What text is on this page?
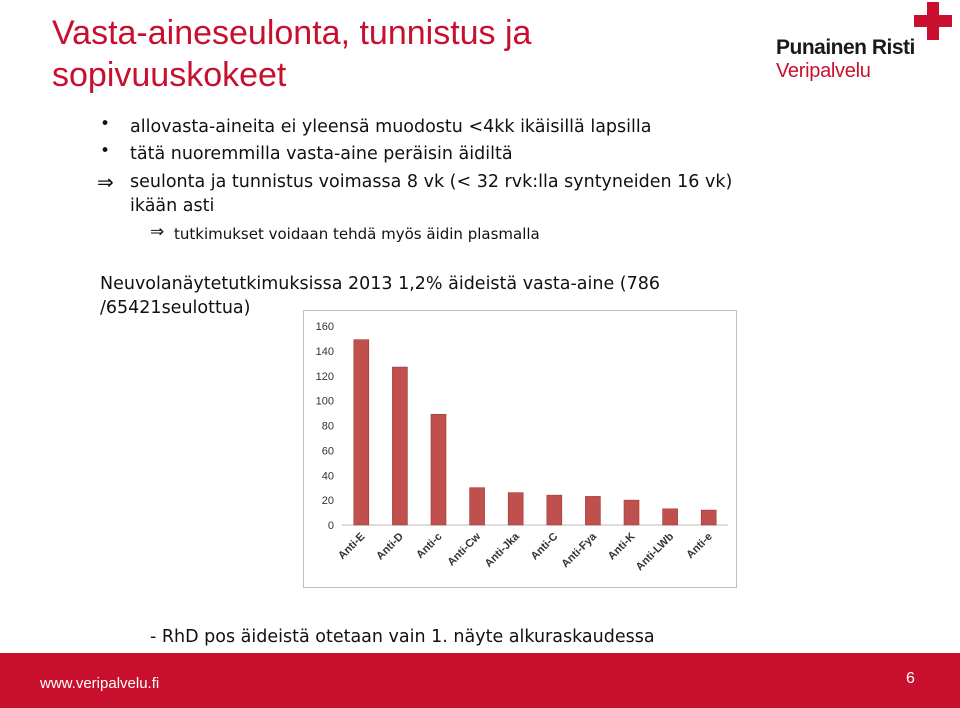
Vasta-aineseulonta, tunnistus ja
sopivuuskokeet
Punainen Risti
Veripalvelu
• allovasta-aineita ei yleensä muodostu <4kk ikäisillä lapsilla
• tätä nuoremmilla vasta-aine peräisin äidiltä
⇒ seulonta ja tunnistus voimassa 8 vk (< 32 rvk:lla syntyneiden 16 vk)
ikään asti
⇒ tutkimukset voidaan tehdä myös äidin plasmalla
Neuvolanäytetutkimuksissa 2013 1,2% äideistä vasta-aine (786
/65421seulottua)
0
20
40
60
80
100
120
140
160
Anti-E Anti-D Anti-c Anti-Cw Anti-Jka Anti-C Anti-Fya Anti-K
Anti-LWb Anti-e
- RhD pos äideistä otetaan vain 1. näyte alkuraskaudessa
www.veripalvelu.fi	6
